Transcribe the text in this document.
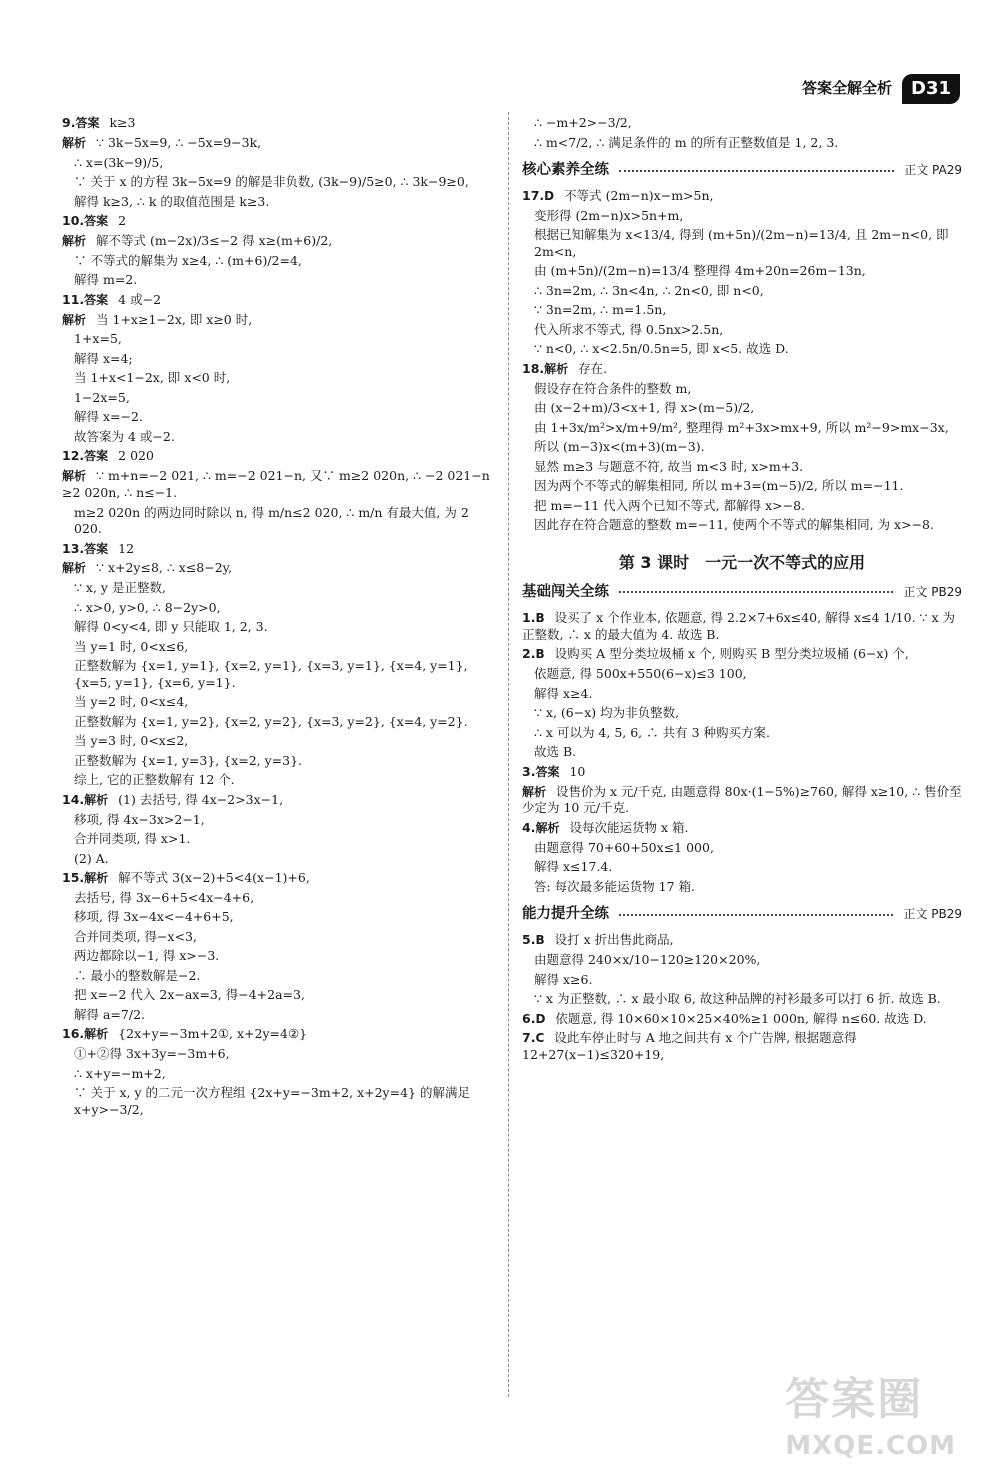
答案全解全析	D31
9.答案 k≥3
解析 ∵ 3k−5x=9, ∴ −5x=9−3k,
∴ x=(3k−9)/5,
∵ 关于 x 的方程 3k−5x=9 的解是非负数, (3k−9)/5≥0, ∴ 3k−9≥0,
解得 k≥3, ∴ k 的取值范围是 k≥3.
10.答案 2
解析 解不等式 (m−2x)/3≤−2 得 x≥(m+6)/2,
∵ 不等式的解集为 x≥4, ∴ (m+6)/2=4,
解得 m=2.
11.答案 4 或−2
解析 当 1+x≥1−2x, 即 x≥0 时,
1+x=5,
解得 x=4;
当 1+x<1−2x, 即 x<0 时,
1−2x=5,
解得 x=−2.
故答案为 4 或−2.
12.答案 2 020
解析 ∵ m+n=−2 021, ∴ m=−2 021−n, 又∵ m≥2 020n, ∴ −2 021−n ≥2 020n, ∴ n≤−1.
m≥2 020n 的两边同时除以 n, 得 m/n≤2 020, ∴ m/n 有最大值, 为 2 020.
13.答案 12
解析 ∵ x+2y≤8, ∴ x≤8−2y,
∵ x, y 是正整数,
∴ x>0, y>0, ∴ 8−2y>0,
解得 0<y<4, 即 y 只能取 1, 2, 3.
当 y=1 时, 0<x≤6,
正整数解为 {x=1, y=1}, {x=2, y=1}, {x=3, y=1}, {x=4, y=1}, {x=5, y=1}, {x=6, y=1}.
当 y=2 时, 0<x≤4,
正整数解为 {x=1, y=2}, {x=2, y=2}, {x=3, y=2}, {x=4, y=2}.
当 y=3 时, 0<x≤2,
正整数解为 {x=1, y=3}, {x=2, y=3}.
综上, 它的正整数解有 12 个.
14.解析 (1) 去括号, 得 4x−2>3x−1,
移项, 得 4x−3x>2−1,
合并同类项, 得 x>1.
(2) A.
15.解析 解不等式 3(x−2)+5<4(x−1)+6,
去括号, 得 3x−6+5<4x−4+6,
移项, 得 3x−4x<−4+6+5,
合并同类项, 得−x<3,
两边都除以−1, 得 x>−3.
∴ 最小的整数解是−2.
把 x=−2 代入 2x−ax=3, 得−4+2a=3,
解得 a=7/2.
16.解析 {2x+y=−3m+2①, x+2y=4②}
①+②得 3x+3y=−3m+6,
∴ x+y=−m+2,
∵ 关于 x, y 的二元一次方程组 {2x+y=−3m+2, x+2y=4} 的解满足 x+y>−3/2,
∴ −m+2>−3/2,
∴ m<7/2, ∴ 满足条件的 m 的所有正整数值是 1, 2, 3.
核心素养全练	正文 PA29
17.D 不等式 (2m−n)x−m>5n,
变形得 (2m−n)x>5n+m,
根据已知解集为 x<13/4, 得到 (m+5n)/(2m−n)=13/4, 且 2m−n<0, 即 2m<n,
由 (m+5n)/(2m−n)=13/4 整理得 4m+20n=26m−13n,
∴ 3n=2m, ∴ 3n<4n, ∴ 2n<0, 即 n<0,
∵ 3n=2m, ∴ m=1.5n,
代入所求不等式, 得 0.5nx>2.5n,
∵ n<0, ∴ x<2.5n/0.5n=5, 即 x<5. 故选 D.
18.解析 存在.
假设存在符合条件的整数 m,
由 (x−2+m)/3<x+1, 得 x>(m−5)/2,
由 1+3x/m²>x/m+9/m², 整理得 m²+3x>mx+9, 所以 m²−9>mx−3x,
所以 (m−3)x<(m+3)(m−3).
显然 m≥3 与题意不符, 故当 m<3 时, x>m+3.
因为两个不等式的解集相同, 所以 m+3=(m−5)/2, 所以 m=−11.
把 m=−11 代入两个已知不等式, 都解得 x>−8.
因此存在符合题意的整数 m=−11, 使两个不等式的解集相同, 为 x>−8.
第 3 课时　一元一次不等式的应用
基础闯关全练	正文 PB29
1.B 设买了 x 个作业本, 依题意, 得 2.2×7+6x≤40, 解得 x≤4 1/10. ∵ x 为正整数, ∴ x 的最大值为 4. 故选 B.
2.B 设购买 A 型分类垃圾桶 x 个, 则购买 B 型分类垃圾桶 (6−x) 个,
依题意, 得 500x+550(6−x)≤3 100,
解得 x≥4.
∵ x, (6−x) 均为非负整数,
∴ x 可以为 4, 5, 6, ∴ 共有 3 种购买方案.
故选 B.
3.答案 10
解析 设售价为 x 元/千克, 由题意得 80x·(1−5%)≥760, 解得 x≥10, ∴ 售价至少定为 10 元/千克.
4.解析 设每次能运货物 x 箱.
由题意得 70+60+50x≤1 000,
解得 x≤17.4.
答: 每次最多能运货物 17 箱.
能力提升全练	正文 PB29
5.B 设打 x 折出售此商品,
由题意得 240×x/10−120≥120×20%,
解得 x≥6.
∵ x 为正整数, ∴ x 最小取 6, 故这种品牌的衬衫最多可以打 6 折. 故选 B.
6.D 依题意, 得 10×60×10×25×40%≥1 000n, 解得 n≤60. 故选 D.
7.C 设此车停止时与 A 地之间共有 x 个广告牌, 根据题意得 12+27(x−1)≤320+19,
答案圈
MXQE.COM
